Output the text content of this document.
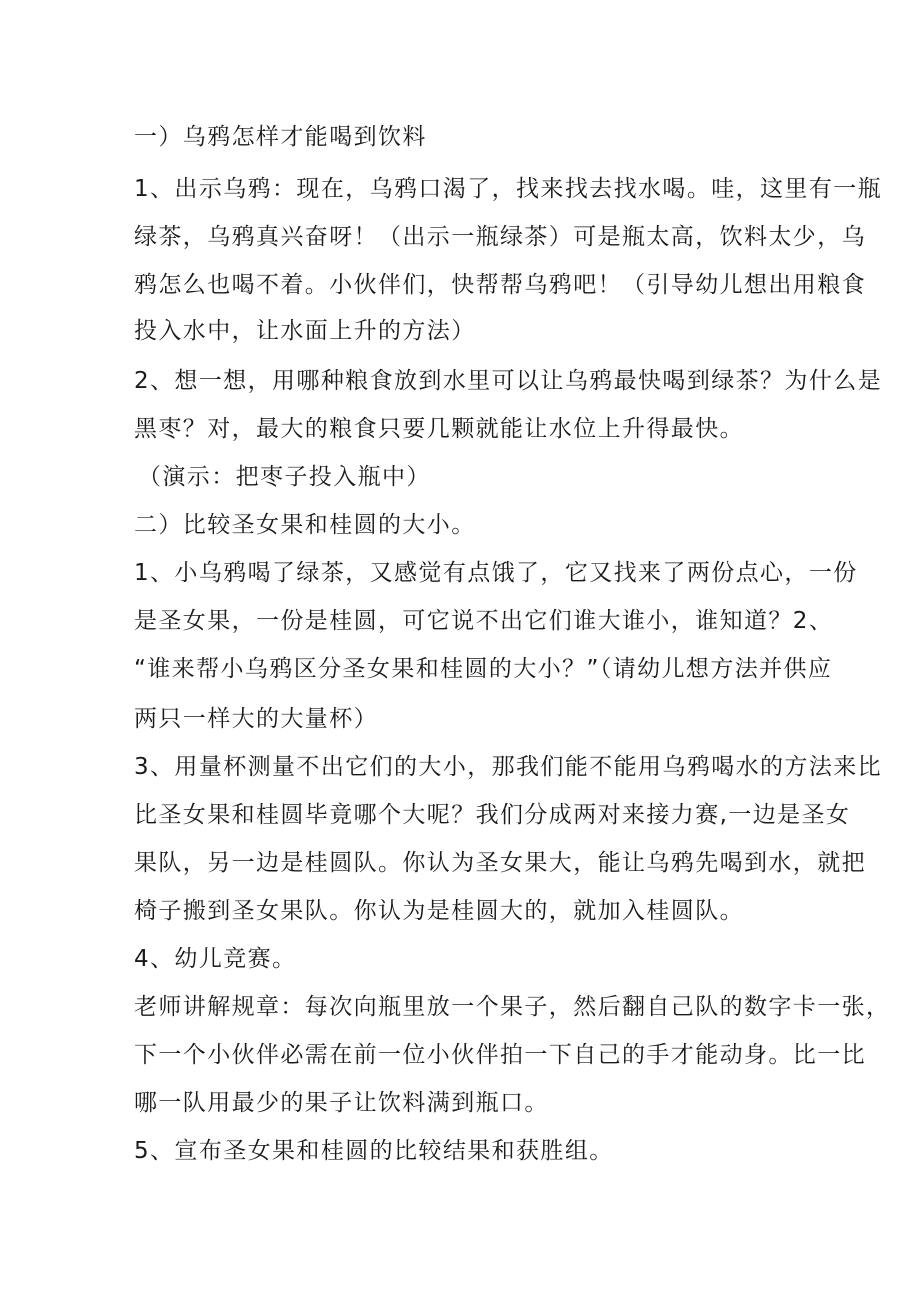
一）乌鸦怎样才能喝到饮料
1、出示乌鸦：现在，乌鸦口渴了，找来找去找水喝。哇，这里有一瓶
绿茶，乌鸦真兴奋呀！（出示一瓶绿茶）可是瓶太高，饮料太少，乌
鸦怎么也喝不着。小伙伴们，快帮帮乌鸦吧！（引导幼儿想出用粮食
投入水中，让水面上升的方法）
2、想一想，用哪种粮食放到水里可以让乌鸦最快喝到绿茶？为什么是
黑枣？对，最大的粮食只要几颗就能让水位上升得最快。
（演示：把枣子投入瓶中）
二）比较圣女果和桂圆的大小。
1、小乌鸦喝了绿茶，又感觉有点饿了，它又找来了两份点心，一份
是圣女果，一份是桂圆，可它说不出它们谁大谁小，谁知道？2、
“谁来帮小乌鸦区分圣女果和桂圆的大小？”（请幼儿想方法并供应
两只一样大的大量杯）
3、用量杯测量不出它们的大小，那我们能不能用乌鸦喝水的方法来比
比圣女果和桂圆毕竟哪个大呢？我们分成两对来接力赛,一边是圣女
果队，另一边是桂圆队。你认为圣女果大，能让乌鸦先喝到水，就把
椅子搬到圣女果队。你认为是桂圆大的，就加入桂圆队。
4、幼儿竞赛。
老师讲解规章：每次向瓶里放一个果子，然后翻自己队的数字卡一张，
下一个小伙伴必需在前一位小伙伴拍一下自己的手才能动身。比一比
哪一队用最少的果子让饮料满到瓶口。
5、宣布圣女果和桂圆的比较结果和获胜组。
